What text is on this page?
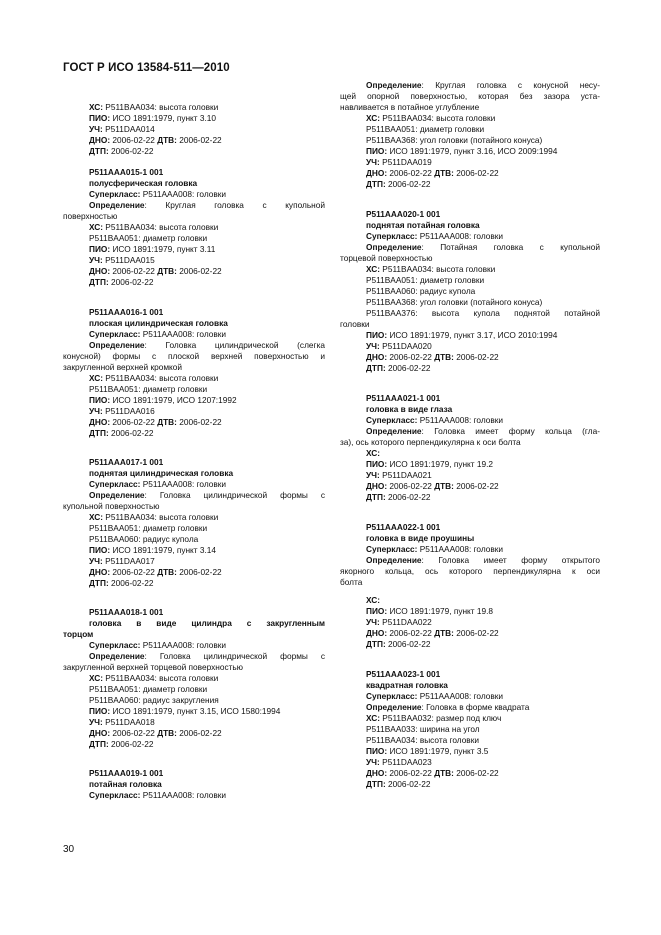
ГОСТ Р ИСО 13584-511—2010
ХС: P511BAA034: высота головки
ПИО: ИСО 1891:1979, пункт 3.10
УЧ: P511DAA014
ДНО: 2006-02-22 ДТВ: 2006-02-22
ДТП: 2006-02-22
P511AAA015-1 001
полусферическая головка
Суперкласс: P511AAA008: головки
Определение: Круглая головка с купольной
поверхностью
ХС: P511BAA034: высота головки
P511BAA051: диаметр головки
ПИО: ИСО 1891:1979, пункт 3.11
УЧ: P511DAA015
ДНО: 2006-02-22 ДТВ: 2006-02-22
ДТП: 2006-02-22
P511AAA016-1 001
плоская цилиндрическая головка
Суперкласс: P511AAA008: головки
Определение: Головка цилиндрической (слегка
конусной) формы с плоской верхней поверхностью и
закругленной верхней кромкой
ХС: P511BAA034: высота головки
P511BAA051: диаметр головки
ПИО: ИСО 1891:1979, ИСО 1207:1992
УЧ: P511DAA016
ДНО: 2006-02-22 ДТВ: 2006-02-22
ДТП: 2006-02-22
P511AAA017-1 001
поднятая цилиндрическая головка
Суперкласс: P511AAA008: головки
Определение: Головка цилиндрической формы с
купольной поверхностью
ХС: P511BAA034: высота головки
P511BAA051: диаметр головки
P511BAA060: радиус купола
ПИО: ИСО 1891:1979, пункт 3.14
УЧ: P511DAA017
ДНО: 2006-02-22 ДТВ: 2006-02-22
ДТП: 2006-02-22
P511AAA018-1 001
головка в виде цилиндра с закругленным
торцом
Суперкласс: P511AAA008: головки
Определение: Головка цилиндрической формы с
закругленной верхней торцевой поверхностью
ХС: P511BAA034: высота головки
P511BAA051: диаметр головки
P511BAA060: радиус закругления
ПИО: ИСО 1891:1979, пункт 3.15, ИСО 1580:1994
УЧ: P511DAA018
ДНО: 2006-02-22 ДТВ: 2006-02-22
ДТП: 2006-02-22
P511AAA019-1 001
потайная головка
Суперкласс: P511AAA008: головки
Определение: Круглая головка с конусной несу-
щей опорной поверхностью, которая без зазора уста-
навливается в потайное углубление
ХС: P511BAA034: высота головки
P511BAA051: диаметр головки
P511BAA368: угол головки (потайного конуса)
ПИО: ИСО 1891:1979, пункт 3.16, ИСО 2009:1994
УЧ: P511DAA019
ДНО: 2006-02-22 ДТВ: 2006-02-22
ДТП: 2006-02-22
P511AAA020-1 001
поднятая потайная головка
Суперкласс: P511AAA008: головки
Определение: Потайная головка с купольной
торцевой поверхностью
ХС: P511BAA034: высота головки
P511BAA051: диаметр головки
P511BAA060: радиус купола
P511BAA368: угол головки (потайного конуса)
P511BAA376: высота купола поднятой потайной
головки
ПИО: ИСО 1891:1979, пункт 3.17, ИСО 2010:1994
УЧ: P511DAA020
ДНО: 2006-02-22 ДТВ: 2006-02-22
ДТП: 2006-02-22
P511AAA021-1 001
головка в виде глаза
Суперкласс: P511AAA008: головки
Определение: Головка имеет форму кольца (гла-
за), ось которого перпендикулярна к оси болта
ХС:
ПИО: ИСО 1891:1979, пункт 19.2
УЧ: P511DAA021
ДНО: 2006-02-22 ДТВ: 2006-02-22
ДТП: 2006-02-22
P511AAA022-1 001
головка в виде проушины
Суперкласс: P511AAA008: головки
Определение: Головка имеет форму открытого
якорного кольца, ось которого перпендикулярна к оси
болта
ХС:
ПИО: ИСО 1891:1979, пункт 19.8
УЧ: P511DAA022
ДНО: 2006-02-22 ДТВ: 2006-02-22
ДТП: 2006-02-22
P511AAA023-1 001
квадратная головка
Суперкласс: P511AAA008: головки
Определение: Головка в форме квадрата
ХС: P511BAA032: размер под ключ
P511BAA033: ширина на угол
P511BAA034: высота головки
ПИО: ИСО 1891:1979, пункт 3.5
УЧ: P511DAA023
ДНО: 2006-02-22 ДТВ: 2006-02-22
ДТП: 2006-02-22
30
